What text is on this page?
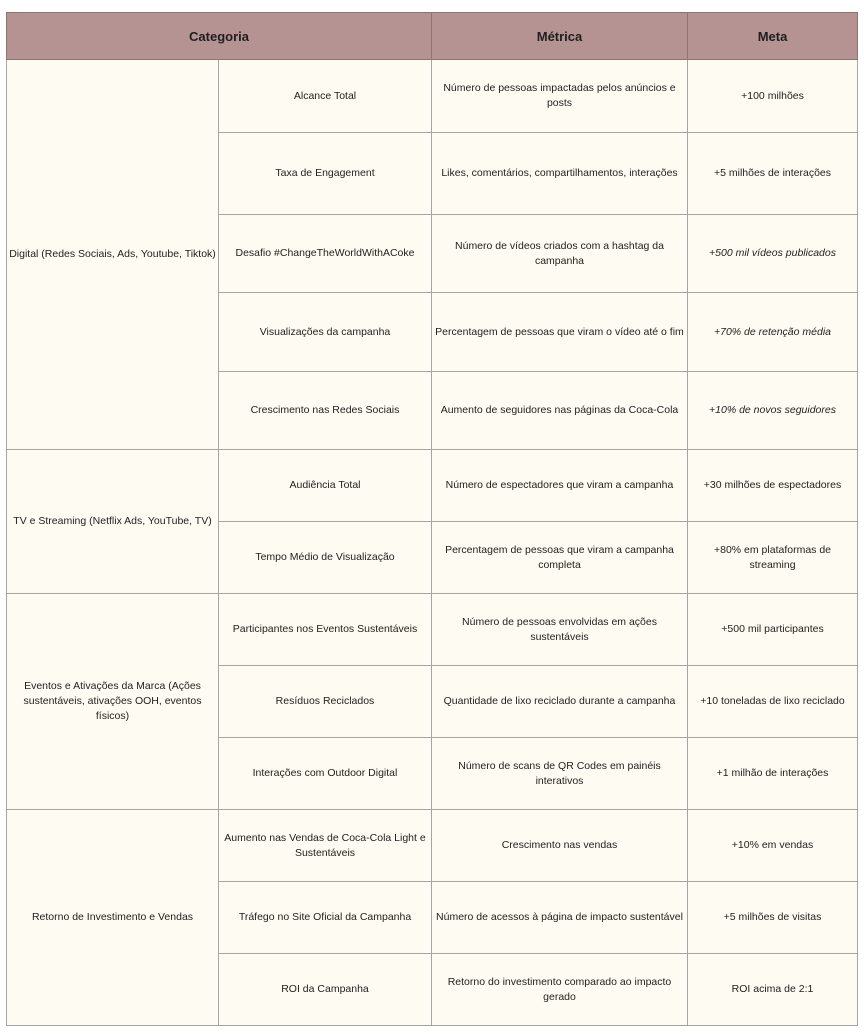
Categoria		Métrica	Meta
Digital (Redes Sociais, Ads, Youtube, Tiktok)	Alcance Total	Número de pessoas impactadas pelos anúncios e posts	+100 milhões
	Taxa de Engagement	Likes, comentários, compartilhamentos, interações	+5 milhões de interações
	Desafio #ChangeTheWorldWithACoke	Número de vídeos criados com a hashtag da campanha	+500 mil vídeos publicados
	Visualizações da campanha	Percentagem de pessoas que viram o vídeo até o fim	+70% de retenção média
	Crescimento nas Redes Sociais	Aumento de seguidores nas páginas da Coca-Cola	+10% de novos seguidores
TV e Streaming (Netflix Ads, YouTube, TV)	Audiência Total	Número de espectadores que viram a campanha	+30 milhões de espectadores
	Tempo Médio de Visualização	Percentagem de pessoas que viram a campanha completa	+80% em plataformas de streaming
Eventos e Ativações da Marca (Ações sustentáveis, ativações OOH, eventos físicos)	Participantes nos Eventos Sustentáveis	Número de pessoas envolvidas em ações sustentáveis	+500 mil participantes
	Resíduos Reciclados	Quantidade de lixo reciclado durante a campanha	+10 toneladas de lixo reciclado
	Interações com Outdoor Digital	Número de scans de QR Codes em painéis interativos	+1 milhão de interações
Retorno de Investimento e Vendas	Aumento nas Vendas de Coca-Cola Light e Sustentáveis	Crescimento nas vendas	+10% em vendas
	Tráfego no Site Oficial da Campanha	Número de acessos à página de impacto sustentável	+5 milhões de visitas
	ROI da Campanha	Retorno do investimento comparado ao impacto gerado	ROI acima de 2:1
